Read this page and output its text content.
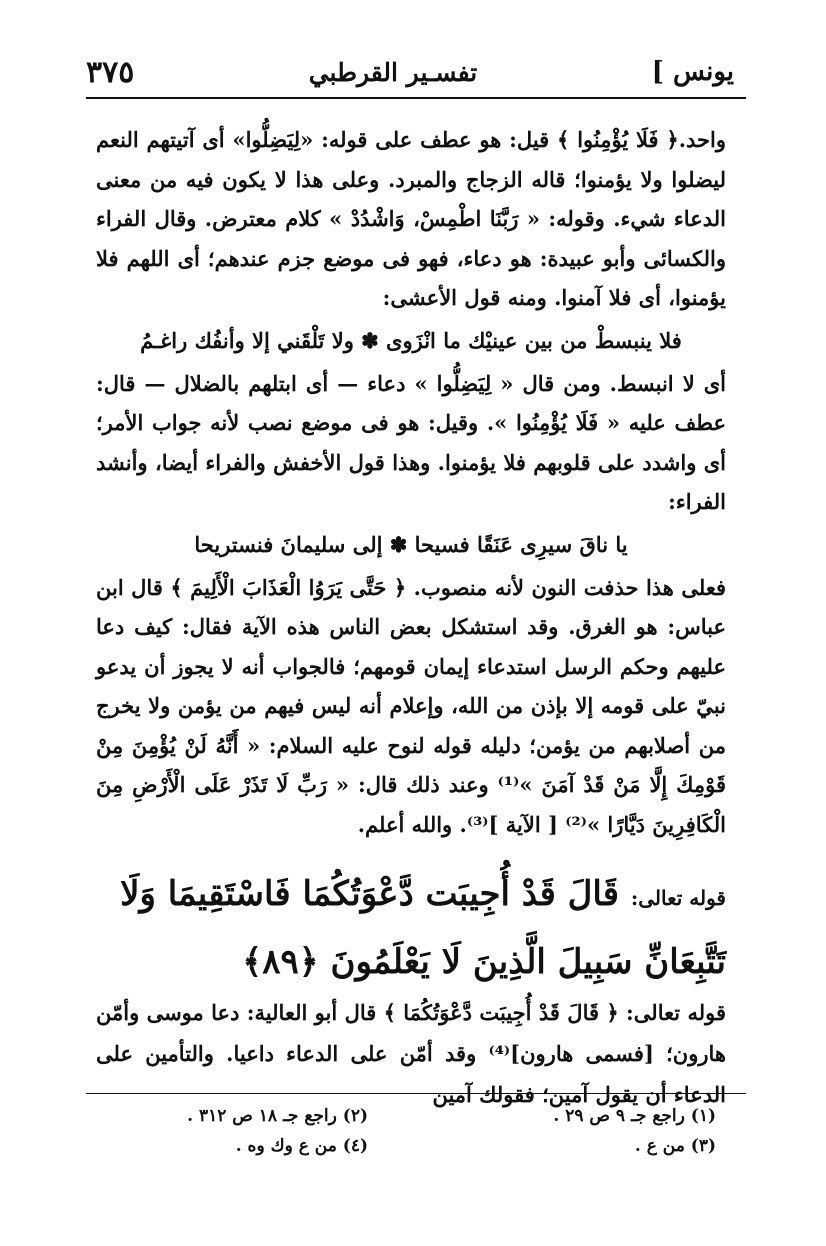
يونس ]
تفسـير القرطبي
٣٧٥

واحد.﴿ فَلَا يُؤْمِنُوا ﴾ قيل: هو عطف على قوله: «لِيَضِلُّوا» أى آتيتهم النعم ليضلوا ولا يؤمنوا؛ قاله الزجاج والمبرد. وعلى هذا لا يكون فيه من معنى الدعاء شيء. وقوله: « رَبَّنَا اطْمِسْ، وَاشْدُدْ » كلام معترض. وقال الفراء والكسائى وأبو عبيدة: هو دعاء، فهو فى موضع جزم عندهم؛ أى اللهم فلا يؤمنوا، أى فلا آمنوا. ومنه قول الأعشى:

فلا ينبسطْ من بين عينيْك ما انْزَوى ✽ ولا تَلْقَني إلا وأنفُك راغـمُ

أى لا انبسط. ومن قال « لِيَضِلُّوا » دعاء — أى ابتلهم بالضلال — قال: عطف عليه « فَلَا يُؤْمِنُوا ». وقيل: هو فى موضع نصب لأنه جواب الأمر؛ أى واشدد على قلوبهم فلا يؤمنوا. وهذا قول الأخفش والفراء أيضا، وأنشد الفراء:

يا ناقَ سيرِى عَنَقًا فسيحا ✽ إلى سليمانَ فنستريحا

فعلى هذا حذفت النون لأنه منصوب. ﴿ حَتَّى يَرَوُا الْعَذَابَ الْأَلِيمَ ﴾ قال ابن عباس: هو الغرق. وقد استشكل بعض الناس هذه الآية فقال: كيف دعا عليهم وحكم الرسل استدعاء إيمان قومهم؛ فالجواب أنه لا يجوز أن يدعو نبيّ على قومه إلا بإذن من الله، وإعلام أنه ليس فيهم من يؤمن ولا يخرج من أصلابهم من يؤمن؛ دليله قوله لنوح عليه السلام: « أَنَّهُ لَنْ يُؤْمِنَ مِنْ قَوْمِكَ إِلَّا مَنْ قَدْ آمَنَ »⁽¹⁾ وعند ذلك قال: « رَبِّ لَا تَذَرْ عَلَى الْأَرْضِ مِنَ الْكَافِرِينَ دَيَّارًا »⁽²⁾ [ الآية ]⁽³⁾. والله أعلم.

قوله تعالى: قَالَ قَدْ أُجِيبَت دَّعْوَتُكُمَا فَاسْتَقِيمَا وَلَا تَتَّبِعَانِّ سَبِيلَ الَّذِينَ لَا يَعْلَمُونَ ﴿٨٩﴾

قوله تعالى: ﴿ قَالَ قَدْ أُجِيبَت دَّعْوَتُكُمَا ﴾ قال أبو العالية: دعا موسى وأمّن هارون؛ [فسمى هارون]⁽⁴⁾ وقد أمّن على الدعاء داعيا. والتأمين على الدعاء أن يقول آمين؛ فقولك آمين

(١) راجع جـ ٩ ص ٢٩ .
(٢) راجع جـ ١٨ ص ٣١٢ .
(٣) من ع .
(٤) من ع وك وه .
